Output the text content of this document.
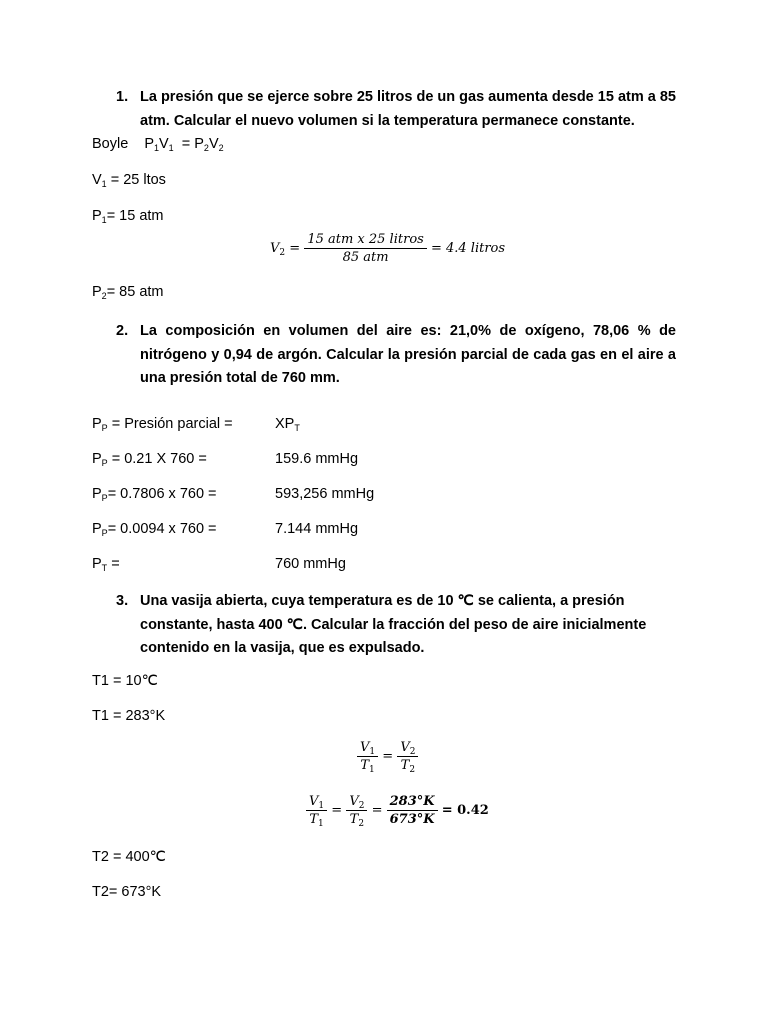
1. La presión que se ejerce sobre 25 litros de un gas aumenta desde 15 atm a 85 atm. Calcular el nuevo volumen si la temperatura permanece constante.
Boyle $P_1V_1 = P_2V_2$
$V_1 = 25$ ltos
$P_1= 15$ atm
$V_2 = \frac{\text{15 atm x 25 litros}}{\text{85 atm}} = 4.4$ litros
$P_2= 85$ atm
2. La composición en volumen del aire es: 21,0% de oxígeno, 78,06 % de nitrógeno y 0,94 de argón. Calcular la presión parcial de cada gas en el aire a una presión total de 760 mm.
$P_P$ = Presión parcial =	$XP_T$
$P_P = 0.21$ X 760 =	159.6 mmHg
$P_P= 0.7806$ x 760 =	593,256 mmHg
$P_P= 0.0094$ x 760 =	7.144 mmHg
$P_T$ =	760 mmHg
3. Una vasija abierta, cuya temperatura es de 10 ℃ se calienta, a presión
constante, hasta 400 ℃. Calcular la fracción del peso de aire inicialmente
contenido en la vasija, que es expulsado.
T1 = 10℃
T1 = 283°K
$\frac{V_1}{T_1} = \frac{V_2}{T_2}$
$\frac{V_1}{T_1} = \frac{V_2}{T_2} = \frac{283^\circ K}{673^\circ K} = 0.42$
T2 = 400℃
T2= 673°K
